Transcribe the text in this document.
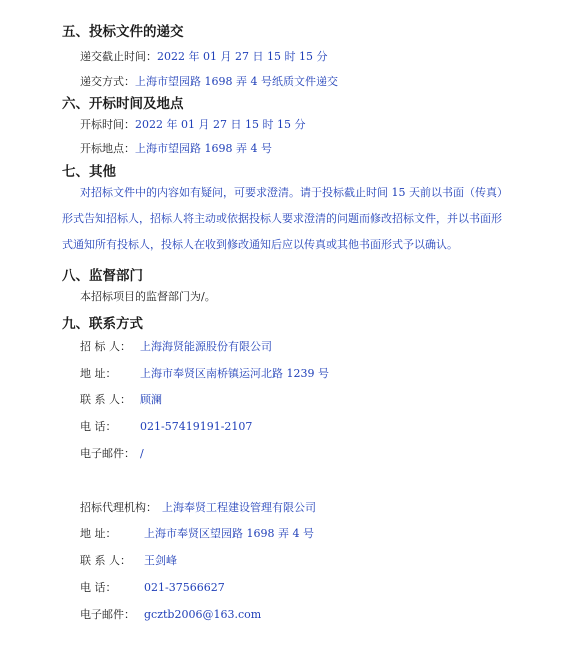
五、投标文件的递交
递交截止时间：2022 年 01 月 27 日 15 时 15 分
递交方式：上海市望园路 1698 弄 4 号纸质文件递交
六、开标时间及地点
开标时间：2022 年 01 月 27 日 15 时 15 分
开标地点：上海市望园路 1698 弄 4 号
七、其他
对招标文件中的内容如有疑问，可要求澄清。请于投标截止时间 15 天前以书面（传真）
形式告知招标人，招标人将主动或依据投标人要求澄清的问题而修改招标文件，并以书面形
式通知所有投标人，投标人在收到修改通知后应以传真或其他书面形式予以确认。
八、监督部门
本招标项目的监督部门为/。
九、联系方式
招 标 人： 上海海贤能源股份有限公司
地 址： 上海市奉贤区南桥镇运河北路 1239 号
联 系 人： 顾澜
电 话： 021-57419191-2107
电子邮件： /
招标代理机构： 上海奉贤工程建设管理有限公司
地 址：	上海市奉贤区望园路 1698 弄 4 号
联 系 人： 王剑峰
电 话：	021-37566627
电子邮件： gcztb2006@163.com
